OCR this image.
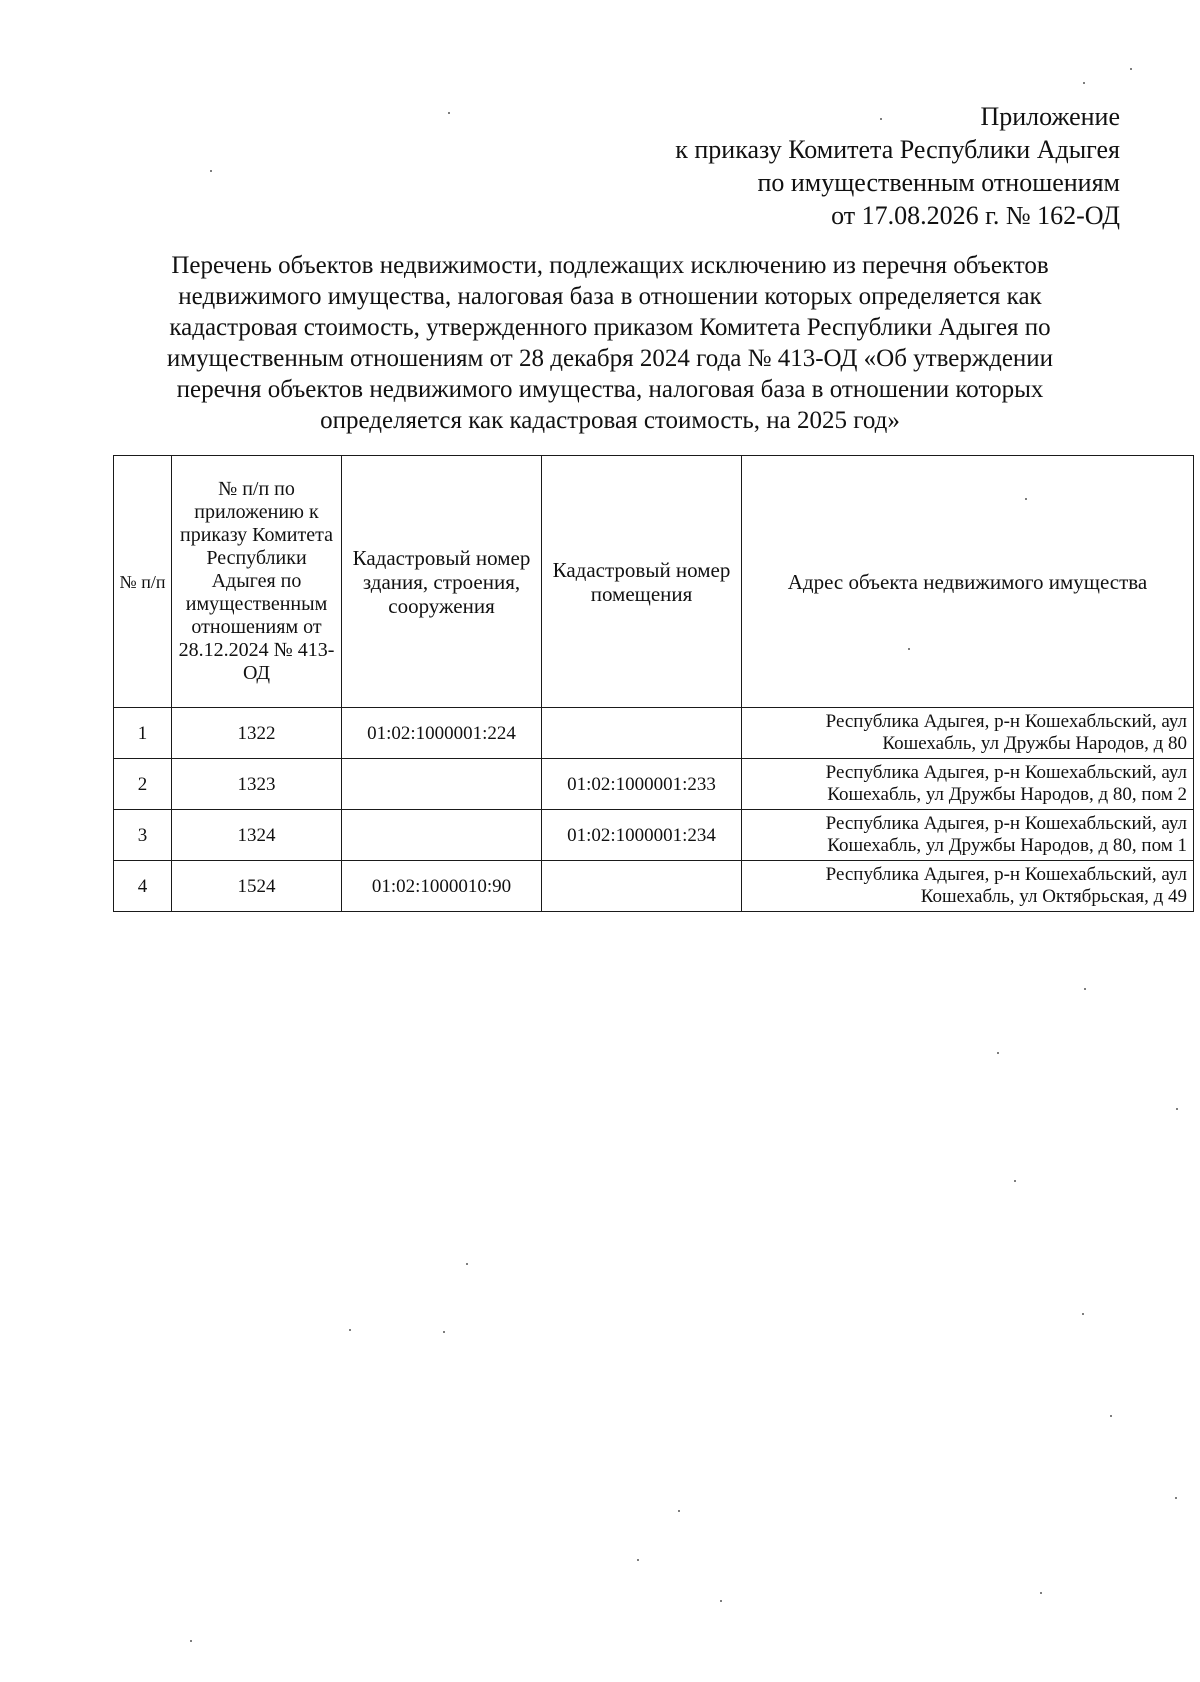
Приложение
к приказу Комитета Республики Адыгея
по имущественным отношениям
от 17.08.2026 г. № 162-ОД
Перечень объектов недвижимости, подлежащих исключению из перечня объектов
недвижимого имущества, налоговая база в отношении которых определяется как
кадастровая стоимость, утвержденного приказом Комитета Республики Адыгея по
имущественным отношениям от 28 декабря 2024 года № 413-ОД «Об утверждении
перечня объектов недвижимого имущества, налоговая база в отношении которых
определяется как кадастровая стоимость, на 2025 год»
№ п/п	№ п/п по приложению к приказу Комитета Республики Адыгея по имущественным отношениям от 28.12.2024 № 413-ОД	Кадастровый номер здания, строения, сооружения	Кадастровый номер помещения	Адрес объекта недвижимого имущества
1	1322	01:02:1000001:224		Республика Адыгея, р-н Кошехабльский, аул
Кошехабль, ул Дружбы Народов, д 80

2	1323		01:02:1000001:233	Республика Адыгея, р-н Кошехабльский, аул
Кошехабль, ул Дружбы Народов, д 80, пом 2

3	1324		01:02:1000001:234	Республика Адыгея, р-н Кошехабльский, аул
Кошехабль, ул Дружбы Народов, д 80, пом 1

4	1524	01:02:1000010:90		Республика Адыгея, р-н Кошехабльский, аул
Кошехабль, ул Октябрьская, д 49
